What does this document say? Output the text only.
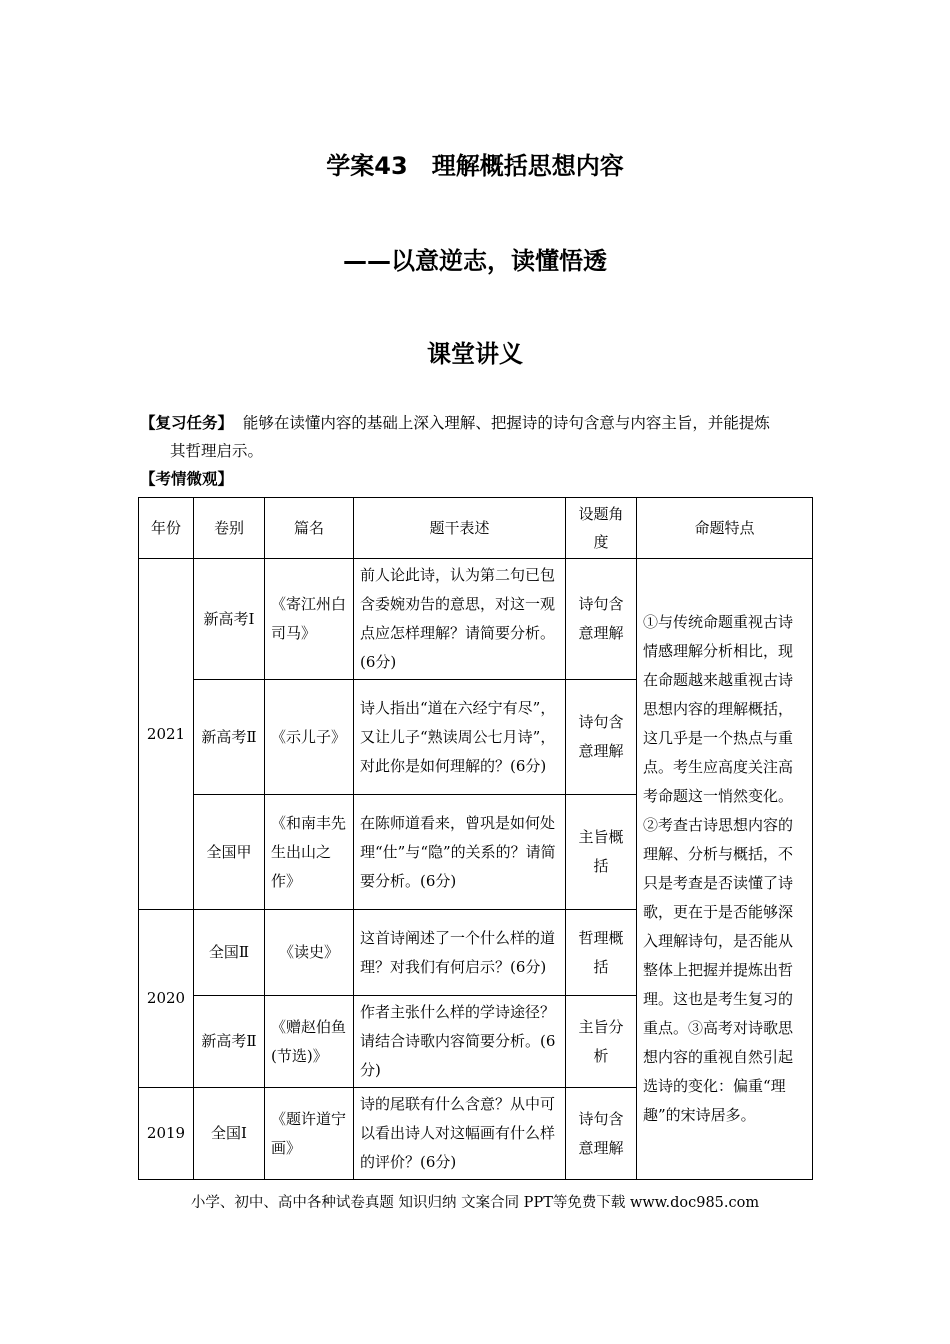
学案43　理解概括思想内容
——以意逆志，读懂悟透
课堂讲义
【复习任务】 能够在读懂内容的基础上深入理解、把握诗的诗句含意与内容主旨，并能提炼
其哲理启示。
【考情微观】
年份	卷别	篇名	题干表述	设题角度	命题特点
2021	新高考Ⅰ	《寄江州白司马》	前人论此诗，认为第二句已包含委婉劝告的意思，对这一观点应怎样理解？请简要分析。(6分)	诗句含意理解	①与传统命题重视古诗情感理解分析相比，现在命题越来越重视古诗思想内容的理解概括，这几乎是一个热点与重点。考生应高度关注高考命题这一悄然变化。②考查古诗思想内容的理解、分析与概括，不只是考查是否读懂了诗歌，更在于是否能够深入理解诗句，是否能从整体上把握并提炼出哲理。这也是考生复习的重点。③高考对诗歌思想内容的重视自然引起选诗的变化：偏重“理趣”的宋诗居多。
	新高考Ⅱ	《示儿子》	诗人指出“道在六经宁有尽”，又让儿子“熟读周公七月诗”，对此你是如何理解的？(6分)	诗句含意理解	
	全国甲	《和南丰先生出山之作》	在陈师道看来，曾巩是如何处理“仕”与“隐”的关系的？请简要分析。(6分)	主旨概括	
2020	全国Ⅱ	《读史》	这首诗阐述了一个什么样的道理？对我们有何启示？(6分)	哲理概括	
	新高考Ⅱ	《赠赵伯鱼(节选)》	作者主张什么样的学诗途径？请结合诗歌内容简要分析。(6分)	主旨分析	
2019	全国Ⅰ	《题许道宁画》	诗的尾联有什么含意？从中可以看出诗人对这幅画有什么样的评价？(6分)	诗句含意理解	
小学、初中、高中各种试卷真题 知识归纳 文案合同 PPT等免费下载 www.doc985.com
